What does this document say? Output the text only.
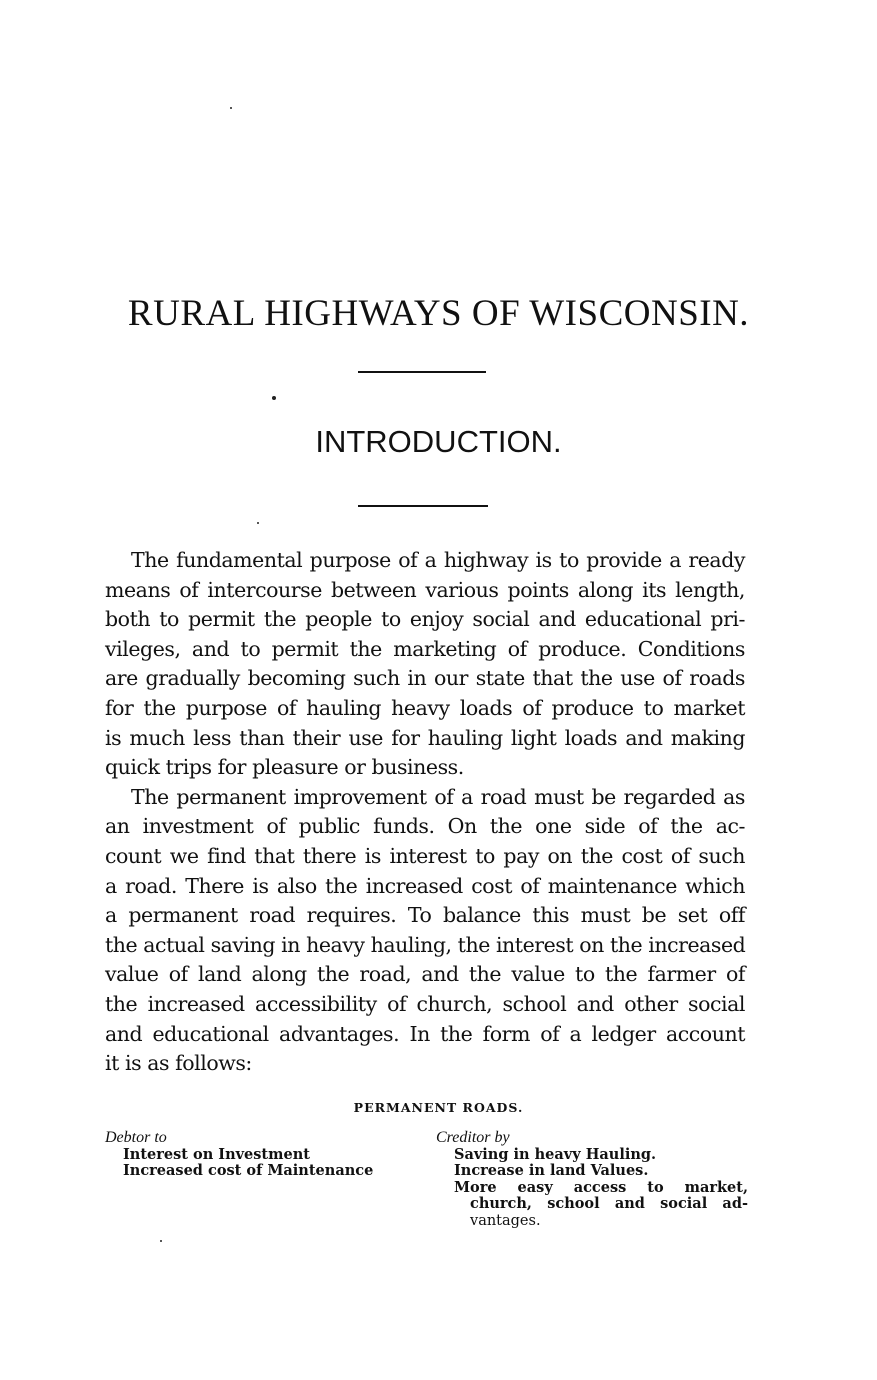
RURAL HIGHWAYS OF WISCONSIN.
INTRODUCTION.

The fundamental purpose of a highway is to provide a ready
means of intercourse between various points along its length,
both to permit the people to enjoy social and educational pri-
vileges, and to permit the marketing of produce. Conditions
are gradually becoming such in our state that the use of roads
for the purpose of hauling heavy loads of produce to market
is much less than their use for hauling light loads and making
quick trips for pleasure or business.

The permanent improvement of a road must be regarded as
an investment of public funds. On the one side of the ac-
count we find that there is interest to pay on the cost of such
a road. There is also the increased cost of maintenance which
a permanent road requires. To balance this must be set off
the actual saving in heavy hauling, the interest on the increased
value of land along the road, and the value to the farmer of
the increased accessibility of church, school and other social
and educational advantages. In the form of a ledger account
it is as follows:

PERMANENT ROADS.
Debtor to
Interest on Investment
Increased cost of Maintenance
Creditor by
Saving in heavy Hauling.
Increase in land Values.
More easy access to market,
church, school and social ad-
vantages.
